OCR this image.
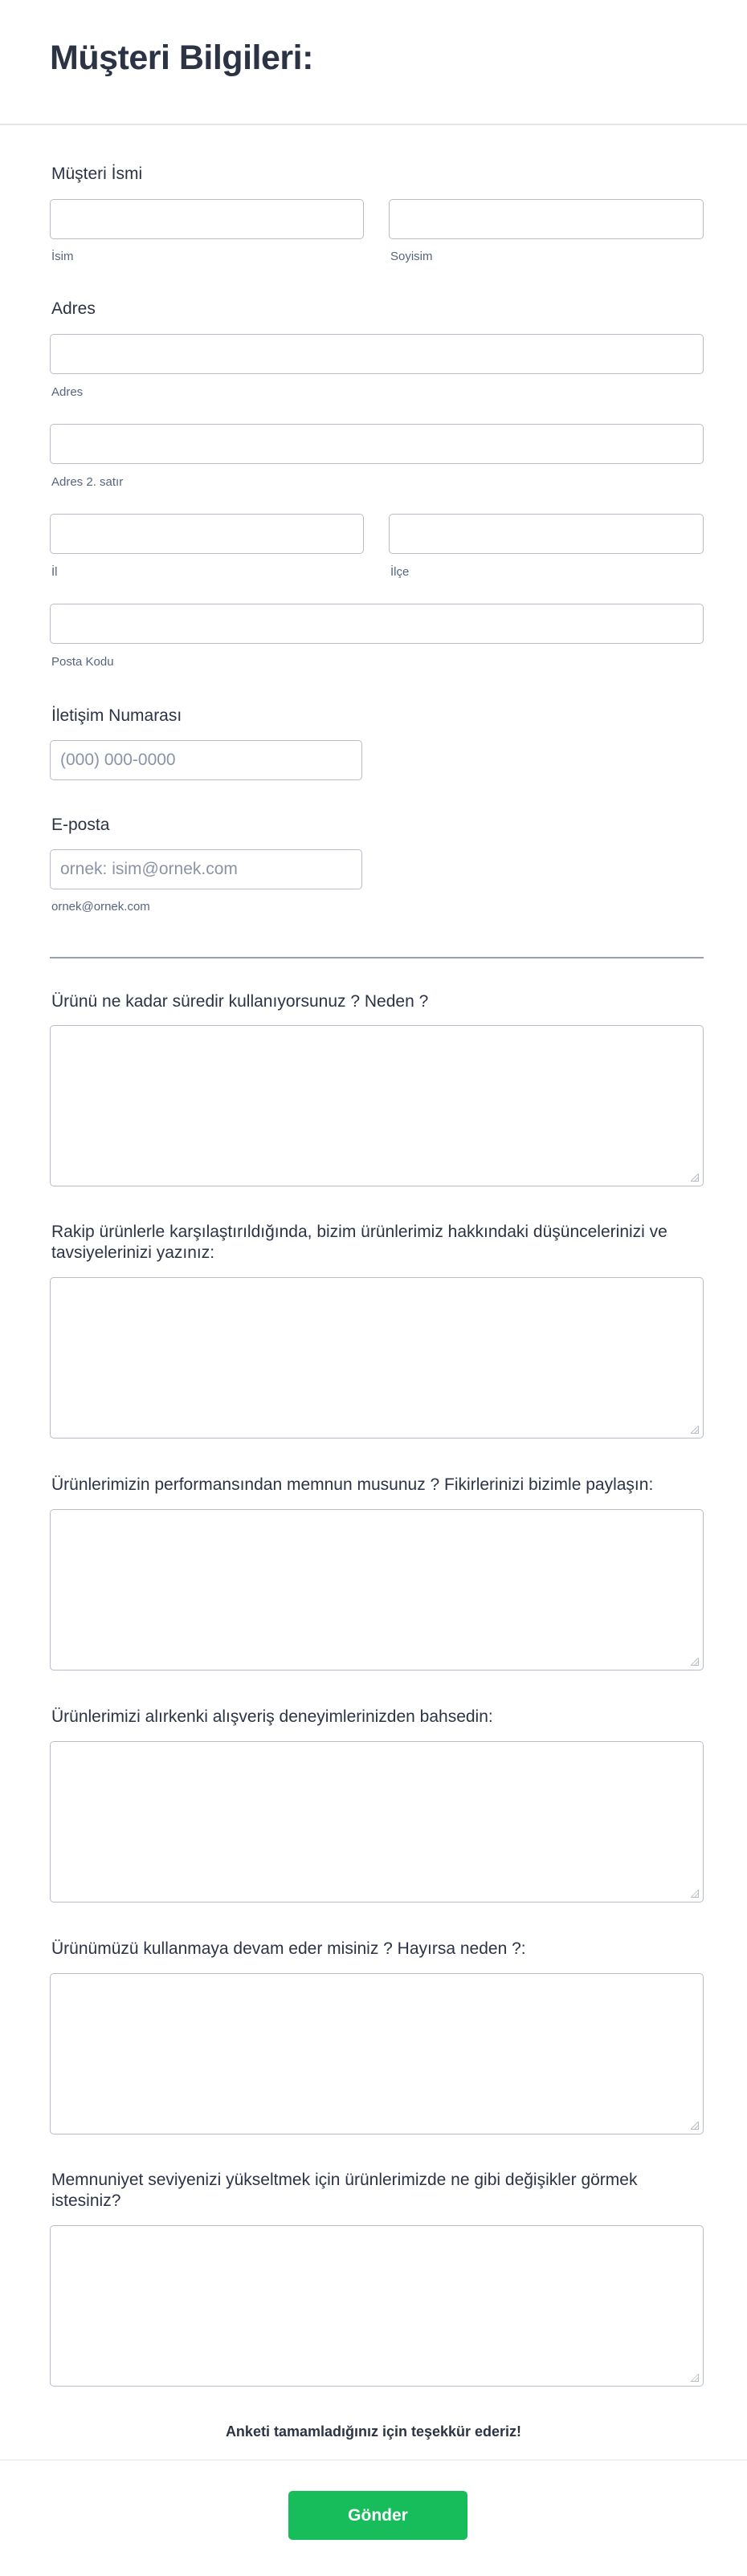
Müşteri Bilgileri:
Müşteri İsmi
İsim	Soyisim
Adres
Adres
Adres 2. satır
İl	İlçe
Posta Kodu
İletişim Numarası
(000) 000-0000
E-posta
ornek: isim@ornek.com
ornek@ornek.com
Ürünü ne kadar süredir kullanıyorsunuz ? Neden ?
Rakip ürünlerle karşılaştırıldığında, bizim ürünlerimiz hakkındaki düşüncelerinizi ve tavsiyelerinizi yazınız:
Ürünlerimizin performansından memnun musunuz ? Fikirlerinizi bizimle paylaşın:
Ürünlerimizi alırkenki alışveriş deneyimlerinizden bahsedin:
Ürünümüzü kullanmaya devam eder misiniz ? Hayırsa neden ?:
Memnuniyet seviyenizi yükseltmek için ürünlerimizde ne gibi değişikler görmek istesiniz?
Anketi tamamladığınız için teşekkür ederiz!
Gönder
